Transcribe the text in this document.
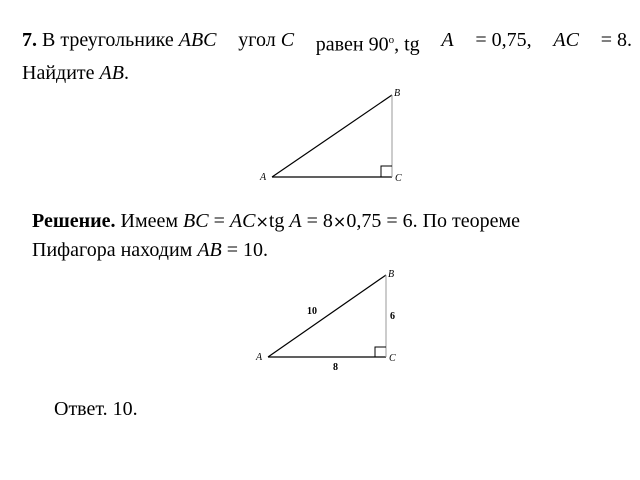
7. В треугольнике ABC угол C равен 90$^o$, tg A = 0,75, AC = 8.
Найдите AB.
A
B
C
A
B
C
10	6
8
Решение. Имеем BC = AC×tg A = 8×0,75 = 6. По теореме
Пифагора находим AB = 10.
Ответ. 10.
